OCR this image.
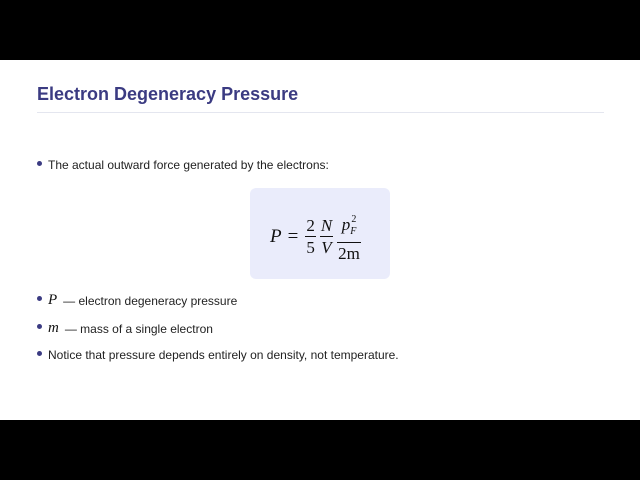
Electron Degeneracy Pressure
The actual outward force generated by the electrons:
$P = \frac{2}{5} \frac{N}{V} \frac{p_F^2}{2m}$
P — electron degeneracy pressure
m — mass of a single electron
Notice that pressure depends entirely on density, not temperature.
